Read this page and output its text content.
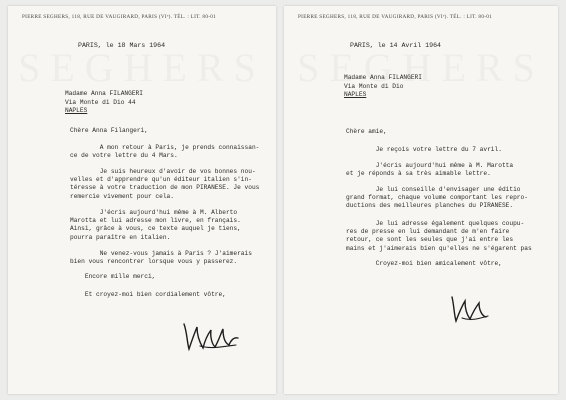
PIERRE SEGHERS, 118, RUE DE VAUGIRARD, PARIS (VIᵉ). TÉL. : LIT. 80-01
PARIS, le 18 Mars 1964
Madame Anna FILANGERI
Via Monte di Dio 44
NAPLES
Chère Anna Filangeri,
A mon retour à Paris, je prends connaissan-
ce de votre lettre du 4 Mars.
Je suis heureux d'avoir de vos bonnes nou-
velles et d'apprendre qu'un éditeur italien s'in-
téresse à votre traduction de mon PIRANESE. Je vous
remercie vivement pour cela.
J'écris aujourd'hui même à M. Alberto
Marotta et lui adresse mon livre, en français.
Ainsi, grâce à vous, ce texte auquel je tiens,
pourra paraître en italien.
Ne venez-vous jamais à Paris ? J'aimerais
bien vous rencontrer lorsque vous y passerez.
Encore mille merci,
Et croyez-moi bien cordialement vôtre,
PIERRE SEGHERS, 118, RUE DE VAUGIRARD, PARIS (VIᵉ). TÉL. : LIT. 80-01
PARIS, le 14 Avril 1964
Madame Anna FILANGERI
Via Monte di Dio
NAPLES
Chère amie,
Je reçois votre lettre du 7 avril.
J'écris aujourd'hui même à M. Marotta
et je réponds à sa très aimable lettre.
Je lui conseille d'envisager une éditio
grand format, chaque volume comportant les repro-
ductions des meilleures planches du PIRANESE.
Je lui adresse également quelques coupu-
res de presse en lui demandant de m'en faire
retour, ce sont les seules que j'ai entre les
mains et j'aimerais bien qu'elles ne s'égarent pas
Croyez-moi bien amicalement vôtre,
